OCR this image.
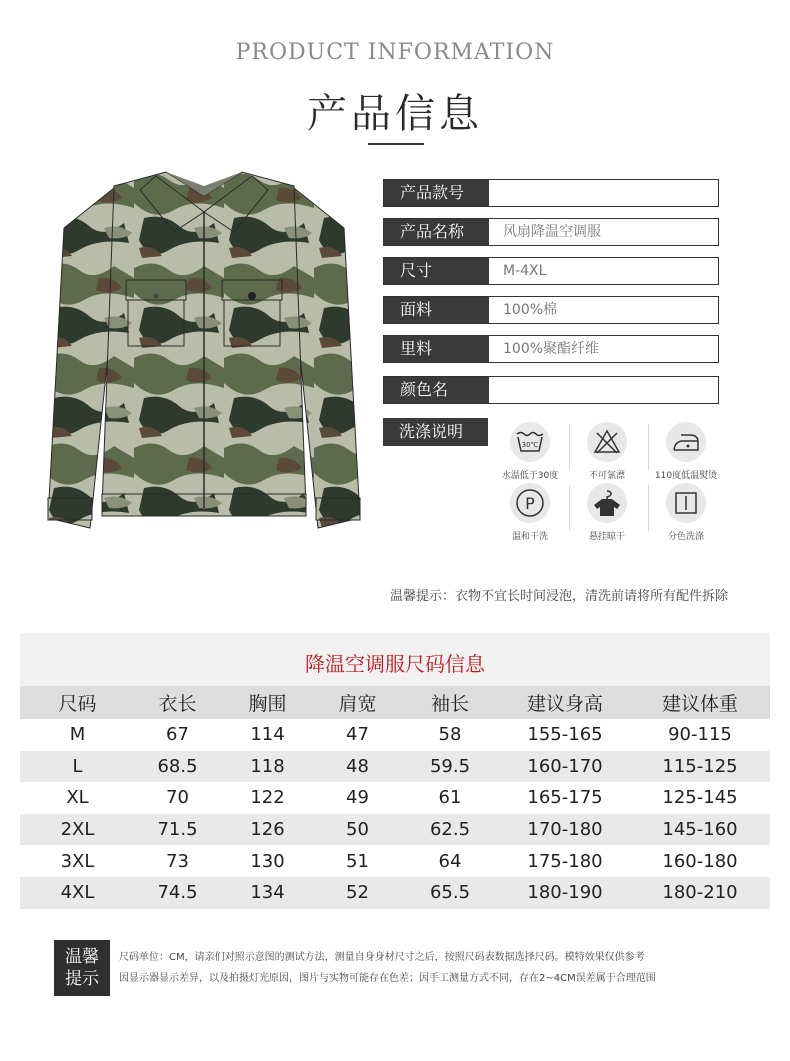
PRODUCT INFORMATION
产品信息
产品款号
产品名称	风扇降温空调服
尺寸	M-4XL
面料	100%棉
里料	100%聚酯纤维
颜色名
洗涤说明
30℃
水温低于30度	不可氯漂	110度低温熨烫
P
温和干洗	悬挂晾干	分色洗涤
温馨提示：衣物不宜长时间浸泡，清洗前请将所有配件拆除
降温空调服尺码信息
尺码	衣长	胸围	肩宽	袖长	建议身高	建议体重
M	67	114	47	58	155-165	90-115
L	68.5	118	48	59.5	160-170	115-125
XL	70	122	49	61	165-175	125-145
2XL	71.5	126	50	62.5	170-180	145-160
3XL	73	130	51	64	175-180	160-180
4XL	74.5	134	52	65.5	180-190	180-210
温馨
提示
尺码单位：CM，请亲们对照示意图的测试方法，测量自身身材尺寸之后，按照尺码表数据选择尺码。模特效果仅供参考
因显示器显示差异，以及拍摄灯光原因，图片与实物可能存在色差；因手工测量方式不同，存在2~4CM误差属于合理范围
